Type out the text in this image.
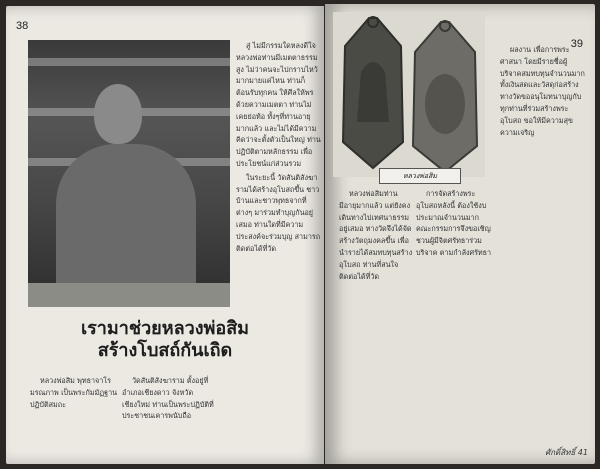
38
เรามาช่วยหลวงพ่อสิม
สร้างโบสถ์กันเถิด

สู่ ไม่มีกรรมใดหลงดีใจ หลวงพ่อท่านมีเมตตาธรรมสูง ไม่ว่าคนจะไปกราบไหว้มากมายแค่ไหน ท่านก็ต้อนรับทุกคน ให้ศีลให้พรด้วยความเมตตา ท่านไม่เคยย่อท้อ ทั้งๆที่ท่านอายุมากแล้ว และไม่ได้มีความคิดว่าจะตั้งตัวเป็นใหญ่ ท่านปฏิบัติตามหลักธรรม เพื่อประโยชน์แก่ส่วนรวม

ในระยะนี้ วัดสันติสังฆารามได้สร้างอุโบสถขึ้น ชาวบ้านและชาวพุทธจากที่ต่างๆ มาร่วมทำบุญกันอยู่เสมอ ท่านใดที่มีความประสงค์จะร่วมบุญ สามารถติดต่อได้ที่วัด

หลวงพ่อสิม พุทธาจาโร มรณภาพ เป็นพระกัมมัฏฐาน ปฏิบัติสมถะ

วัดสันติสังฆาราม ตั้งอยู่ที่อำเภอเชียงดาว จังหวัดเชียงใหม่ ท่านเป็นพระปฏิบัติที่ประชาชนเคารพนับถือ

39
หลวงพ่อสิม

หลวงพ่อสิมท่านมีอายุมากแล้ว แต่ยังคงเดินทางไปเทศนาธรรมอยู่เสมอ ทางวัดจึงได้จัดสร้างวัตถุมงคลขึ้น เพื่อนำรายได้สมทบทุนสร้างอุโบสถ ท่านที่สนใจติดต่อได้ที่วัด

การจัดสร้างพระอุโบสถหลังนี้ ต้องใช้งบประมาณจำนวนมาก คณะกรรมการจึงขอเชิญชวนผู้มีจิตศรัทธาร่วมบริจาค ตามกำลังศรัทธา

ผลงาน เพื่อการพระศาสนา โดยมีรายชื่อผู้บริจาคสมทบทุนจำนวนมาก ทั้งเงินสดและวัสดุก่อสร้าง ทางวัดขออนุโมทนาบุญกับทุกท่านที่ร่วมสร้างพระอุโบสถ ขอให้มีความสุขความเจริญ

ศักดิ์สิทธิ์ 41
